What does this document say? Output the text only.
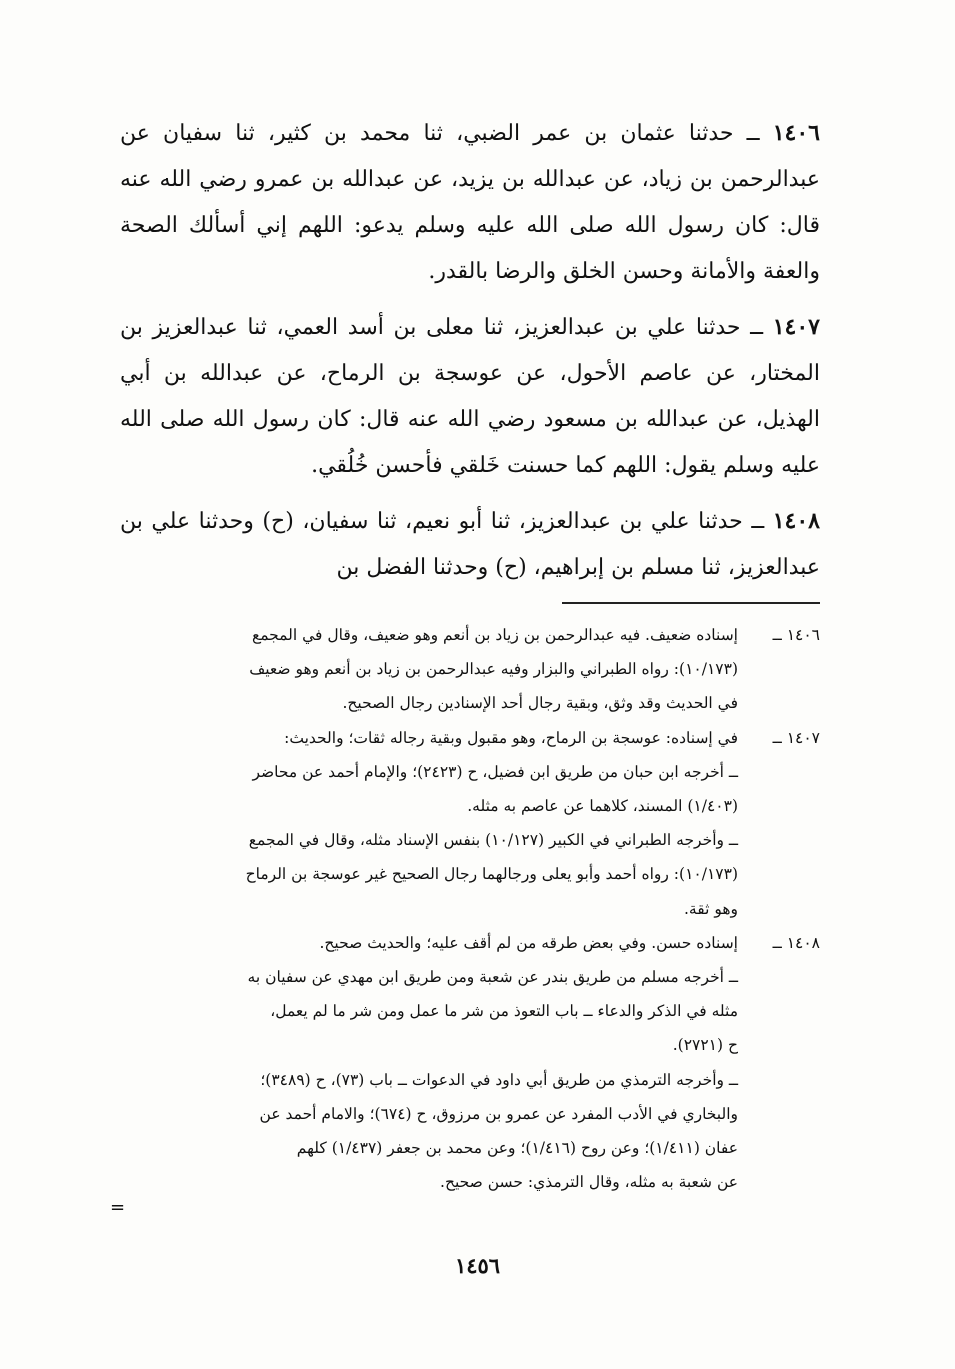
١٤٠٦ ــ حدثنا عثمان بن عمر الضبي، ثنا محمد بن كثير، ثنا سفيان عن عبدالرحمن بن زياد، عن عبدالله بن يزيد، عن عبدالله بن عمرو رضي الله عنه قال: كان رسول الله صلى الله عليه وسلم يدعو: اللهم إني أسألك الصحة والعفة والأمانة وحسن الخلق والرضا بالقدر.

١٤٠٧ ــ حدثنا علي بن عبدالعزيز، ثنا معلى بن أسد العمي، ثنا عبدالعزيز بن المختار، عن عاصم الأحول، عن عوسجة بن الرماح، عن عبدالله بن أبي الهذيل، عن عبدالله بن مسعود رضي الله عنه قال: كان رسول الله صلى الله عليه وسلم يقول: اللهم كما حسنت خَلقي فأحسن خُلُقي.

١٤٠٨ ــ حدثنا علي بن عبدالعزيز، ثنا أبو نعيم، ثنا سفيان، (ح) وحدثنا علي بن عبدالعزيز، ثنا مسلم بن إبراهيم، (ح) وحدثنا الفضل بن

١٤٠٦ ــ
إسناده ضعيف. فيه عبدالرحمن بن زياد بن أنعم وهو ضعيف، وقال في المجمع
(١٠/١٧٣): رواه الطبراني والبزار وفيه عبدالرحمن بن زياد بن أنعم وهو ضعيف
في الحديث وقد وثق، وبقية رجال أحد الإسنادين رجال الصحيح.
١٤٠٧ ــ
في إسناده: عوسجة بن الرماح، وهو مقبول وبقية رجاله ثقات؛ والحديث:
ــ أخرجه ابن حبان من طريق ابن فضيل، ح (٢٤٢٣)؛ والإمام أحمد عن محاضر
(١/٤٠٣) المسند، كلاهما عن عاصم به مثله.
ــ وأخرجه الطبراني في الكبير (١٠/١٢٧) بنفس الإسناد مثله، وقال في المجمع
(١٠/١٧٣): رواه أحمد وأبو يعلى ورجالهما رجال الصحيح غير عوسجة بن الرماح
وهو ثقة.
١٤٠٨ ــ
إسناده حسن. وفي بعض طرقه من لم أقف عليه؛ والحديث صحيح.
ــ أخرجه مسلم من طريق بندر عن شعبة ومن طريق ابن مهدي عن سفيان به
مثله في الذكر والدعاء ــ باب التعوذ من شر ما عمل ومن شر ما لم يعمل،
ح (٢٧٢١).
ــ وأخرجه الترمذي من طريق أبي داود في الدعوات ــ باب (٧٣)، ح (٣٤٨٩)؛
والبخاري في الأدب المفرد عن عمرو بن مرزوق، ح (٦٧٤)؛ والامام أحمد عن
عفان (١/٤١١)؛ وعن روح (١/٤١٦)؛ وعن محمد بن جعفر (١/٤٣٧) كلهم
عن شعبة به مثله، وقال الترمذي: حسن صحيح.
=
١٤٥٦
